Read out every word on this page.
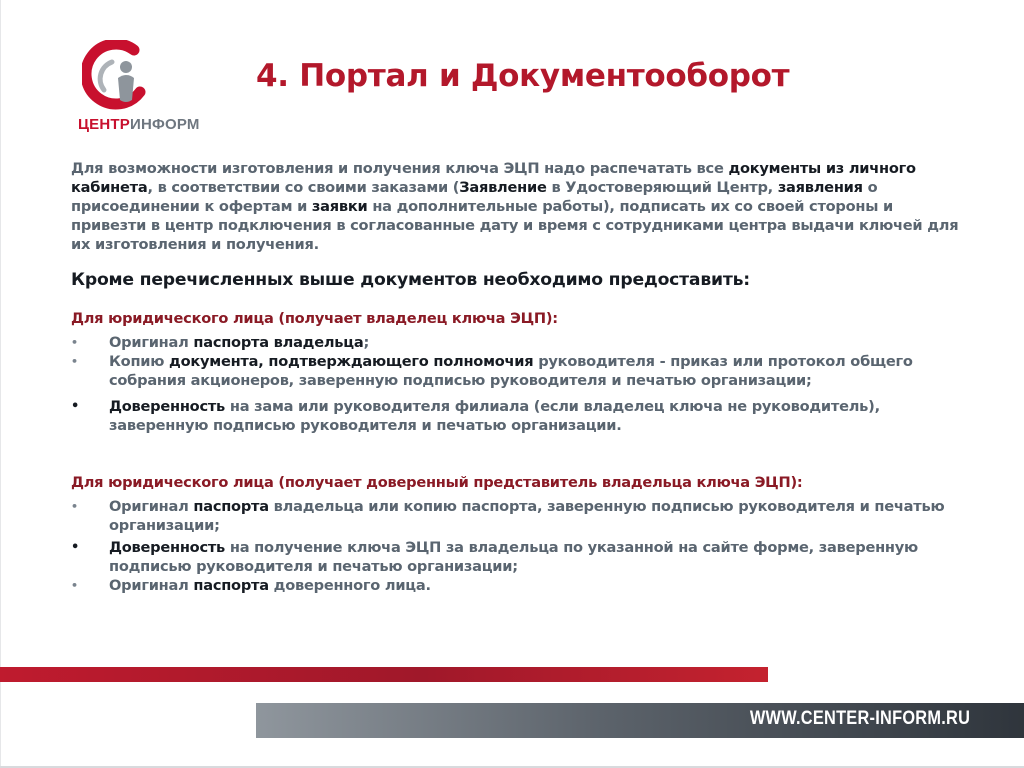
ЦЕНТРИНФОРМ
4. Портал и Документооборот

Для возможности изготовления и получения ключа ЭЦП надо распечатать все документы из личного кабинета, в соответствии со своими заказами (Заявление в Удостоверяющий Центр, заявления о присоединении к офертам и заявки на дополнительные работы), подписать их со своей стороны и привезти в центр подключения в согласованные дату и время с сотрудниками центра выдачи ключей для их изготовления и получения.

Кроме перечисленных выше документов необходимо предоставить:

Для юридического лица (получает владелец ключа ЭЦП):

• Оригинал паспорта владельца;
• Копию документа, подтверждающего полномочия руководителя - приказ или протокол общего собрания акционеров, заверенную подписью руководителя и печатью организации;
• Доверенность на зама или руководителя филиала (если владелец ключа не руководитель), заверенную подписью руководителя и печатью организации.

Для юридического лица (получает доверенный представитель владельца ключа ЭЦП):

• Оригинал паспорта владельца или копию паспорта, заверенную подписью руководителя и печатью организации;
• Доверенность на получение ключа ЭЦП за владельца по указанной на сайте форме, заверенную подписью руководителя и печатью организации;
• Оригинал паспорта доверенного лица.
WWW.CENTER-INFORM.RU
